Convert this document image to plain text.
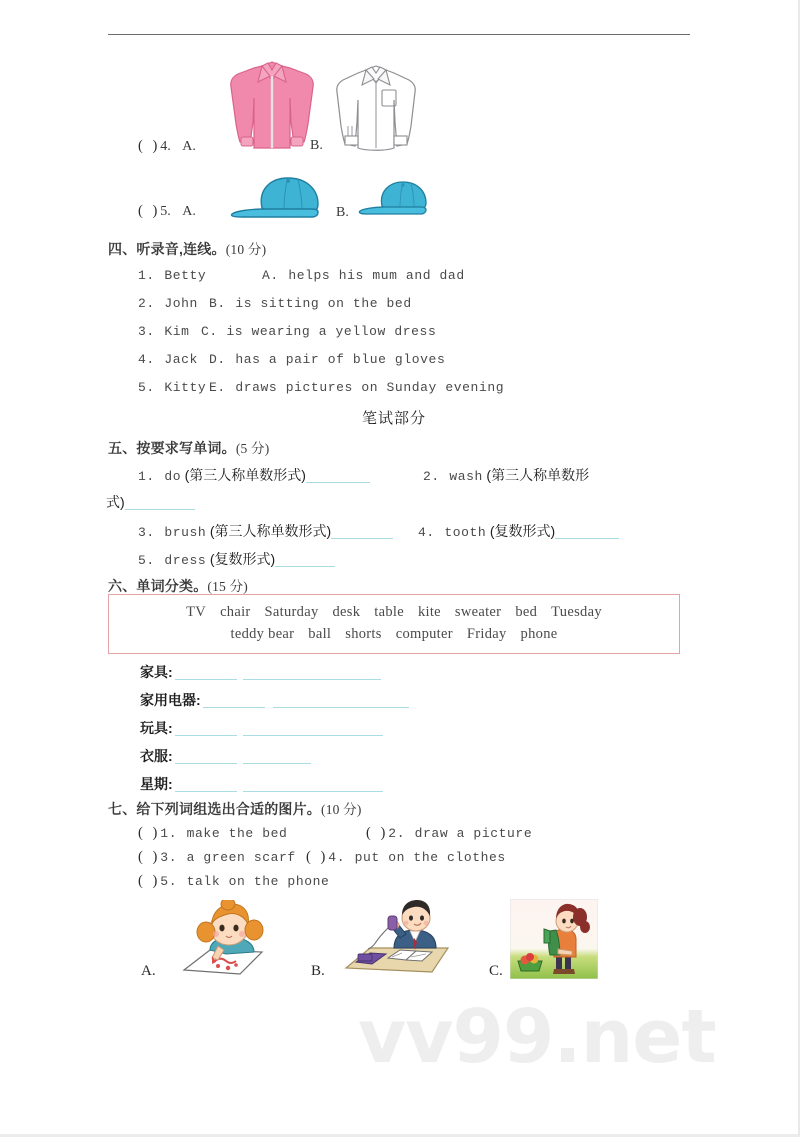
vv99.net
( )4. A.	B.
( )5. A.	B.
四、听录音,连线。(10 分)
1. Betty	A. helps his mum and dad
2. John B. is sitting on the bed
3. Kim C. is wearing a yellow dress
4. Jack D. has a pair of blue gloves
5. Kitty E. draws pictures on Sunday evening
笔试部分
五、按要求写单词。(5 分)
1. do (第三人称单数形式)	2. wash (第三人称单数形
式)
3. brush (第三人称单数形式)	4. tooth (复数形式)
5. dress (复数形式)
六、单词分类。(15 分)
TV chair Saturday desk table kite sweater bed Tuesday
teddy bear ball shorts computer Friday phone
家具:
家用电器:
玩具:
衣服:
星期:
七、给下列词组选出合适的图片。(10 分)
( )1. make the bed	( )2. draw a picture
( )3. a green scarf ( )4. put on the clothes
( )5. talk on the phone
A.	B.	C.
